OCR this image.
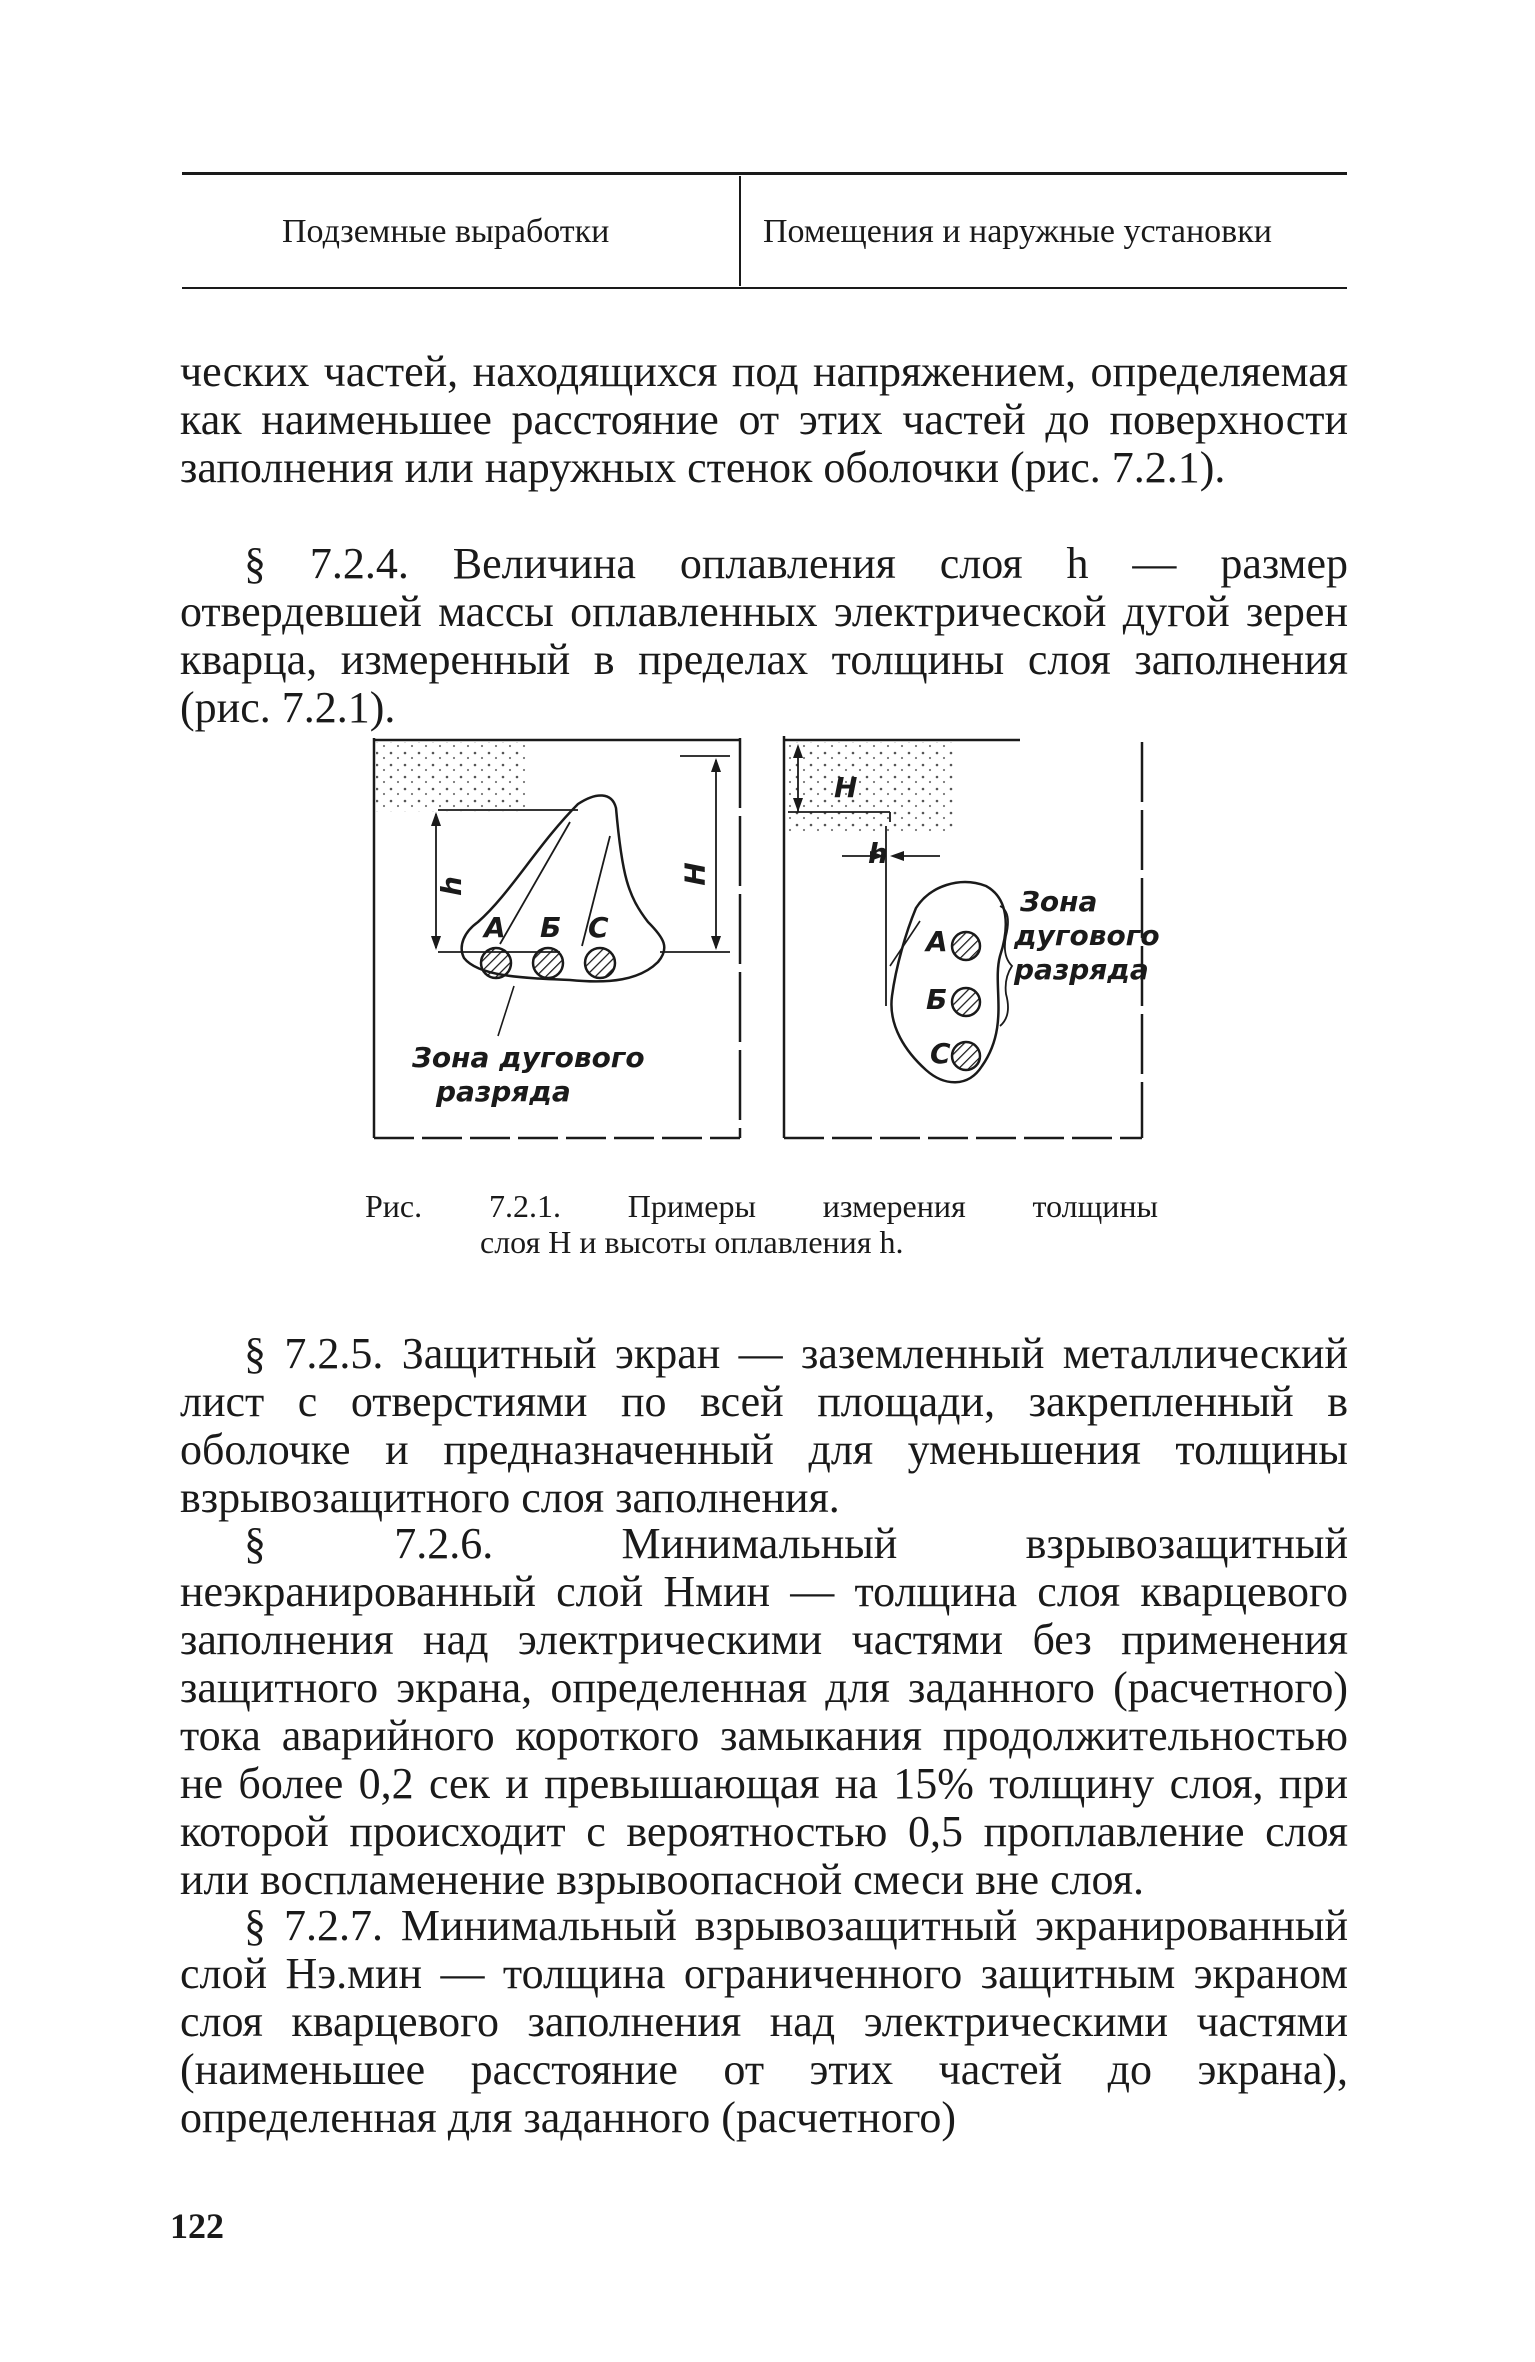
Подземные выработки	Помещения и наружные установки
ческих частей, находящихся под напряжением, определяемая как наименьшее расстояние от этих частей до поверхности заполнения или наружных стенок оболочки (рис. 7.2.1).
§ 7.2.4. Величина оплавления слоя h — размер отвердевшей массы оплавленных электрической дугой зерен кварца, измеренный в пределах толщины слоя заполнения (рис. 7.2.1).
h
H
А Б С
Зона дугового
разряда
H
h
А
Б
С
Зона
дугового
разряда
Рис. 7.2.1. Примеры измерения толщины
слоя H и высоты оплавления h.
§ 7.2.5. Защитный экран — заземленный металлический лист с отверстиями по всей площади, закрепленный в оболочке и предназначенный для уменьшения толщины взрывозащитного слоя заполнения.
§ 7.2.6. Минимальный взрывозащитный неэкранированный слой Hмин — толщина слоя кварцевого заполнения над электрическими частями без применения защитного экрана, определенная для заданного (расчетного) тока аварийного короткого замыкания продолжительностью не более 0,2 сек и превышающая на 15% толщину слоя, при которой происходит с вероятностью 0,5 проплавление слоя или воспламенение взрывоопасной смеси вне слоя.
§ 7.2.7. Минимальный взрывозащитный экранированный слой Hэ.мин — толщина ограниченного защитным экраном слоя кварцевого заполнения над электрическими частями (наименьшее расстояние от этих частей до экрана), определенная для заданного (расчетного)
122
